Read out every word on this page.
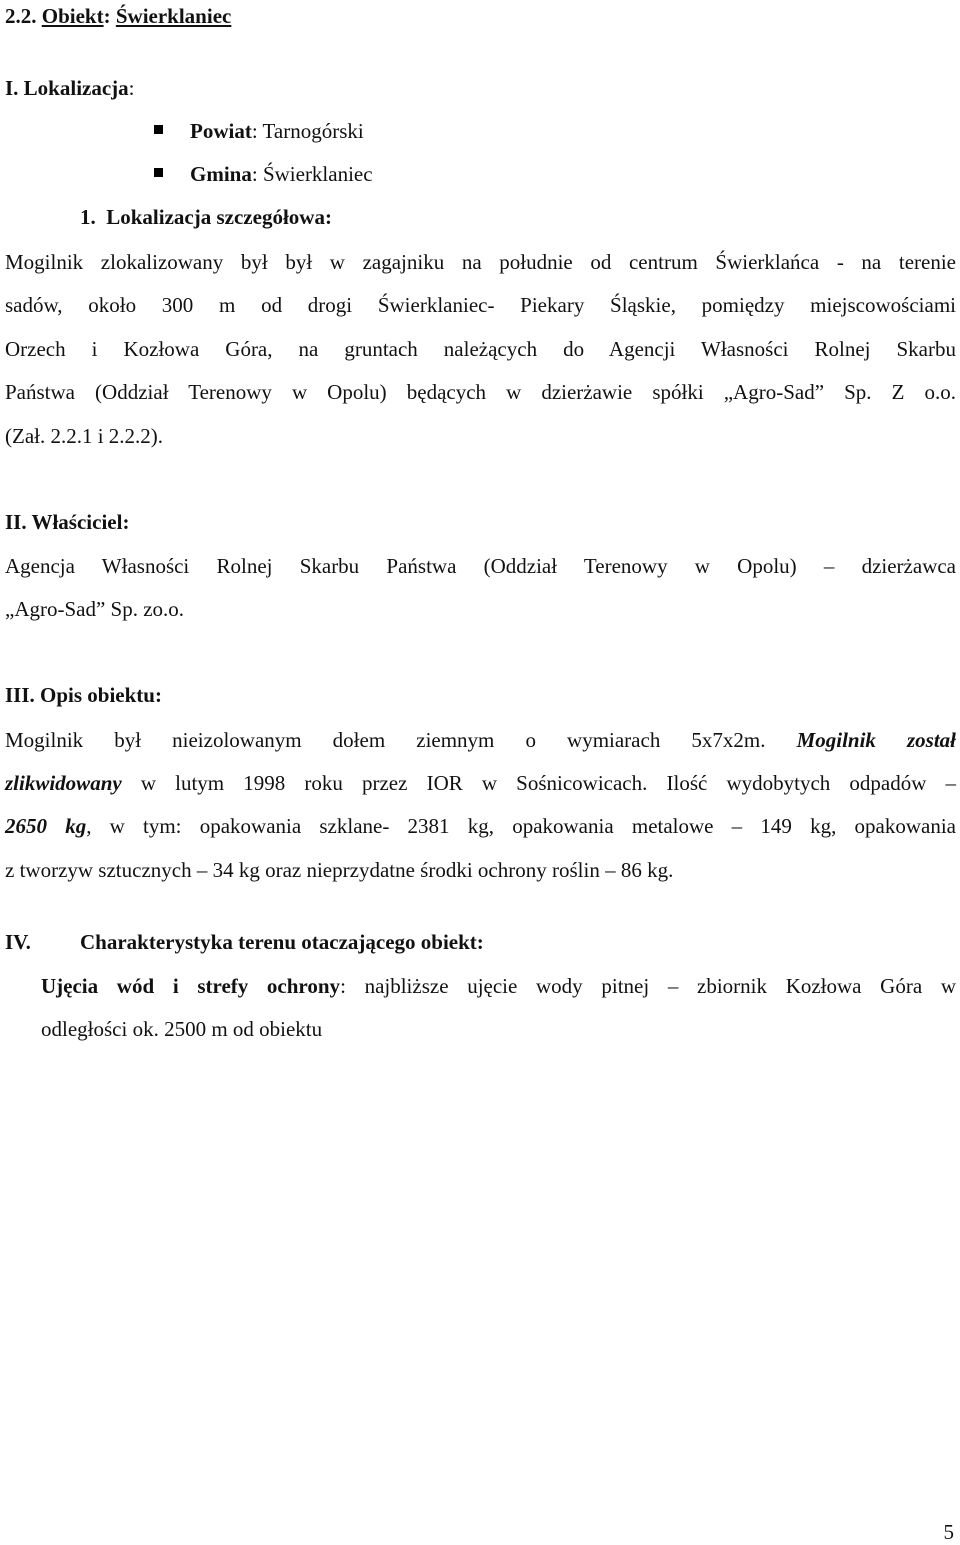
2.2. Obiekt: Świerklaniec
I. Lokalizacja:
Powiat: Tarnogórski
Gmina: Świerklaniec
1. Lokalizacja szczegółowa:
Mogilnik zlokalizowany był był w zagajniku na południe od centrum Świerklańca - na terenie
sadów, około 300 m od drogi Świerklaniec- Piekary Śląskie, pomiędzy miejscowościami
Orzech i Kozłowa Góra, na gruntach należących do Agencji Własności Rolnej Skarbu
Państwa (Oddział Terenowy w Opolu) będących w dzierżawie spółki „Agro-Sad” Sp. Z o.o.
(Zał. 2.2.1 i 2.2.2).
II. Właściciel:
Agencja Własności Rolnej Skarbu Państwa (Oddział Terenowy w Opolu) – dzierżawca
„Agro-Sad” Sp. zo.o.
III. Opis obiektu:
Mogilnik był nieizolowanym dołem ziemnym o wymiarach 5x7x2m. Mogilnik został
zlikwidowany w lutym 1998 roku przez IOR w Sośnicowicach. Ilość wydobytych odpadów –
2650 kg, w tym: opakowania szklane- 2381 kg, opakowania metalowe – 149 kg, opakowania
z tworzyw sztucznych – 34 kg oraz nieprzydatne środki ochrony roślin – 86 kg.
IV. Charakterystyka terenu otaczającego obiekt:
Ujęcia wód i strefy ochrony: najbliższe ujęcie wody pitnej – zbiornik Kozłowa Góra w
odległości ok. 2500 m od obiektu
5
